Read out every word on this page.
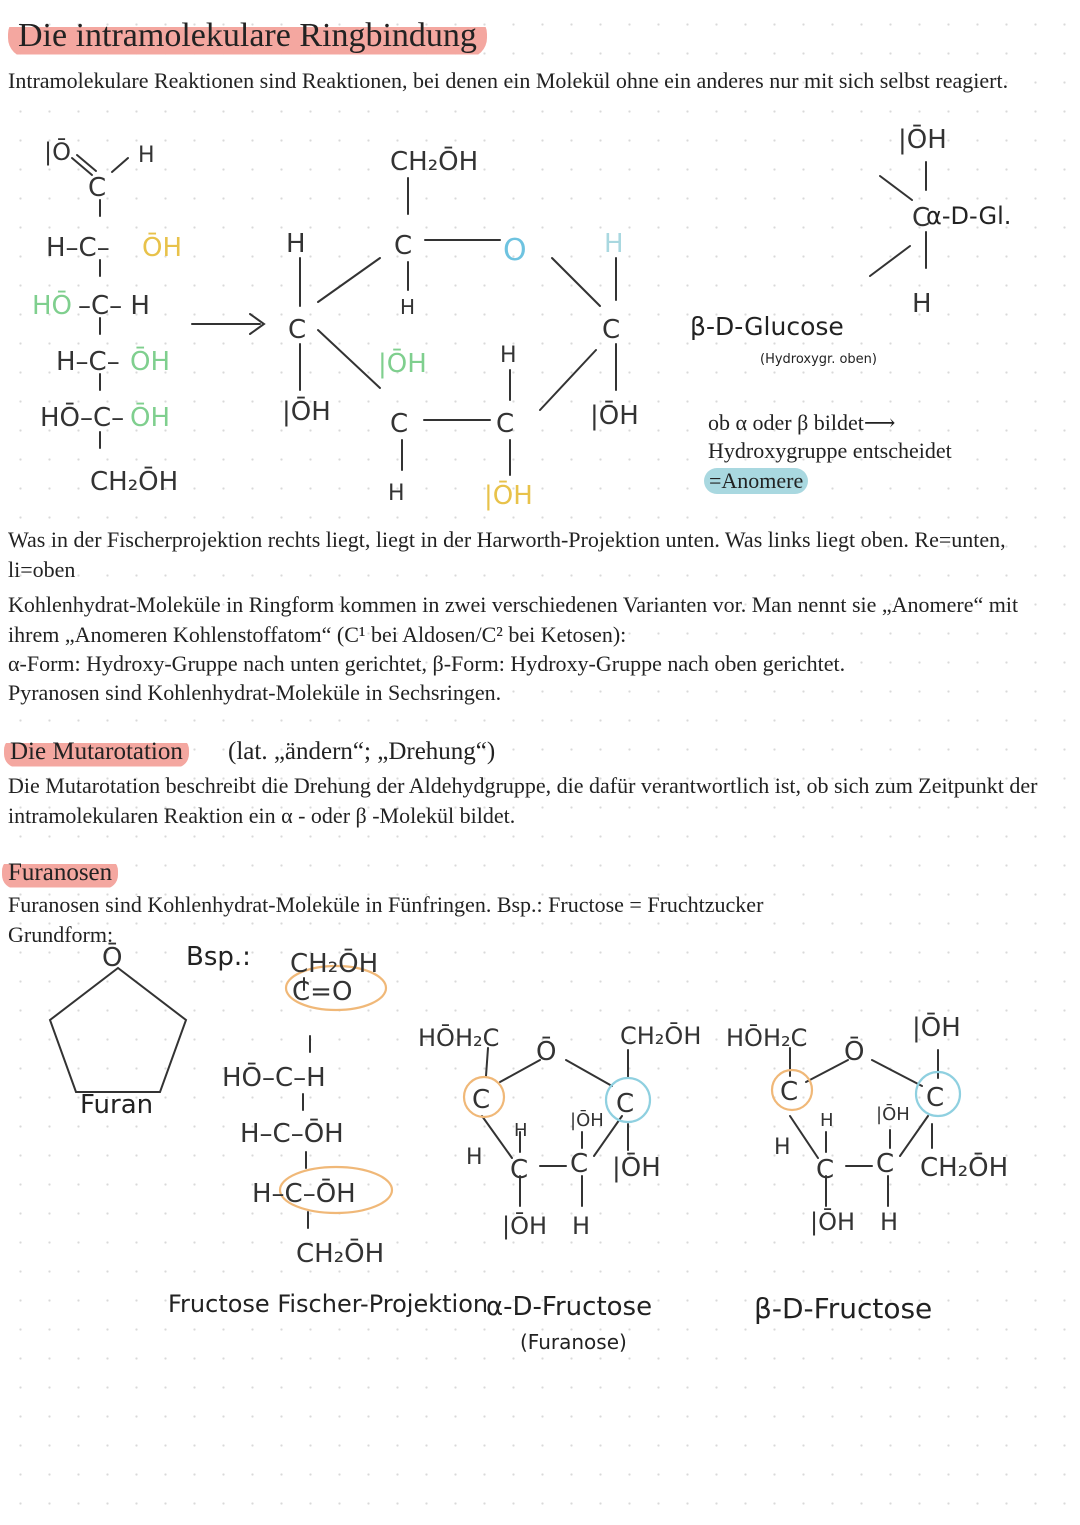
Die intramolekulare Ringbindung
Intramolekulare Reaktionen sind Reaktionen, bei denen ein Molekül ohne ein anderes nur mit sich selbst reagiert.
β-D-Glucose
(Hydroxygr. oben)
α-D-Gl.
ob α oder β bildet⟶
Hydroxygruppe entscheidet
=Anomere
Was in der Fischerprojektion rechts liegt, liegt in der Harworth-Projektion unten. Was links liegt oben. Re=unten, li=oben
Kohlenhydrat-Moleküle in Ringform kommen in zwei verschiedenen Varianten vor. Man nennt sie „Anomere“ mit ihrem „Anomeren Kohlenstoffatom“ (C¹ bei Aldosen/C² bei Ketosen):
α-Form: Hydroxy-Gruppe nach unten gerichtet, β-Form: Hydroxy-Gruppe nach oben gerichtet.
Pyranosen sind Kohlenhydrat-Moleküle in Sechsringen.
Die Mutarotation (lat. „ändern“; „Drehung“)
Die Mutarotation beschreibt die Drehung der Aldehydgruppe, die dafür verantwortlich ist, ob sich zum Zeitpunkt der intramolekularen Reaktion ein α - oder β -Molekül bildet.
Furanosen
Furanosen sind Kohlenhydrat-Moleküle in Fünfringen. Bsp.: Fructose = Fruchtzucker
Grundform:
Bsp.:
Furan
Fructose Fischer-Projektion
α-D-Fructose
(Furanose)
β-D-Fructose
|Ō	H
C
H–C– ŌH
HŌ –C– H
H–C– ŌH
HŌ–C– ŌH
CH₂ŌH
CH₂ŌH
H	C	O	H
H
C	C
|ŌH
|ŌH	H
C	C	|ŌH
H	|ŌH
|ŌH
C
H
Ō	CH₂ŌH
C=O
HŌ–C–H
H–C–ŌH
H–C–ŌH
CH₂ŌH
HŌH₂C Ō
CH₂ŌH
C	C
H |ŌH
H C C |ŌH
|ŌH H
HŌH₂C Ō
|ŌH
C	C
H |ŌH
H
C C CH₂ŌH
|ŌH H
